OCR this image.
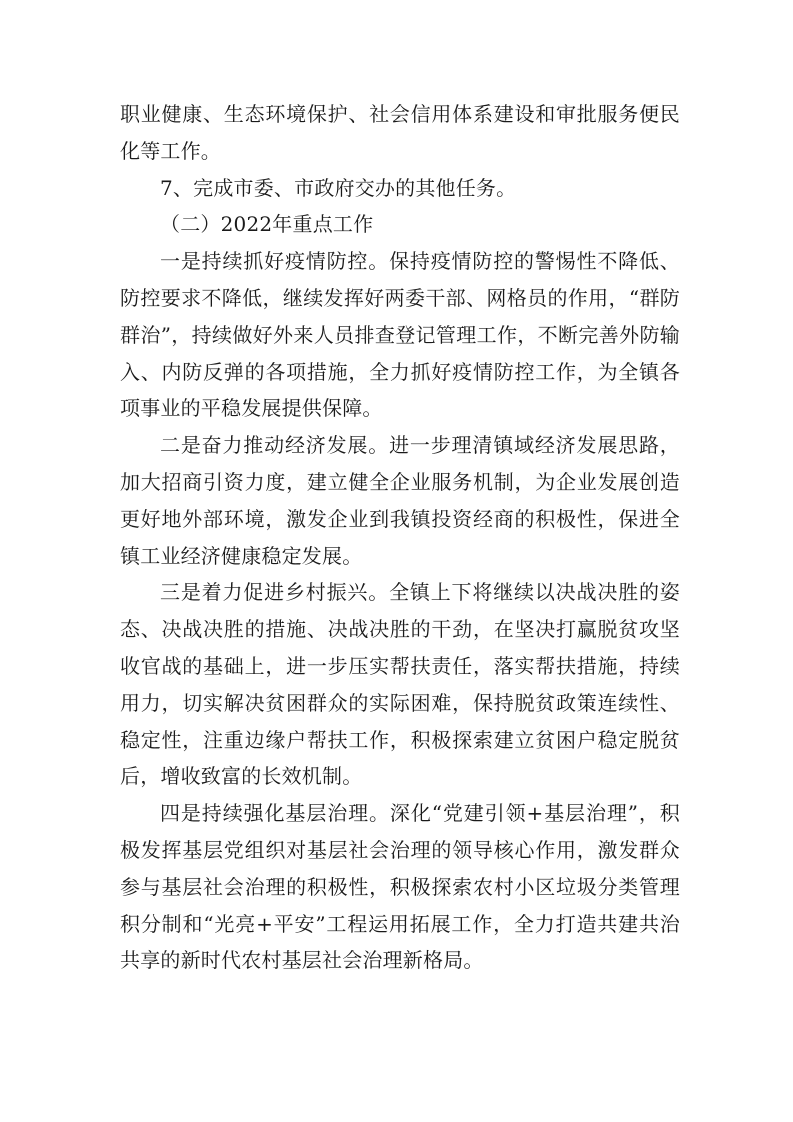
职业健康、生态环境保护、社会信用体系建设和审批服务便民化等工作。

7、完成市委、市政府交办的其他任务。

（二）2022年重点工作

一是持续抓好疫情防控。保持疫情防控的警惕性不降低、防控要求不降低，继续发挥好两委干部、网格员的作用，“群防群治”，持续做好外来人员排查登记管理工作，不断完善外防输入、内防反弹的各项措施，全力抓好疫情防控工作，为全镇各项事业的平稳发展提供保障。

二是奋力推动经济发展。进一步理清镇域经济发展思路，加大招商引资力度，建立健全企业服务机制，为企业发展创造更好地外部环境，激发企业到我镇投资经商的积极性，保进全镇工业经济健康稳定发展。

三是着力促进乡村振兴。全镇上下将继续以决战决胜的姿态、决战决胜的措施、决战决胜的干劲，在坚决打赢脱贫攻坚收官战的基础上，进一步压实帮扶责任，落实帮扶措施，持续用力，切实解决贫困群众的实际困难，保持脱贫政策连续性、稳定性，注重边缘户帮扶工作，积极探索建立贫困户稳定脱贫后，增收致富的长效机制。

四是持续强化基层治理。深化“党建引领+基层治理”，积极发挥基层党组织对基层社会治理的领导核心作用，激发群众参与基层社会治理的积极性，积极探索农村小区垃圾分类管理积分制和“光亮+平安”工程运用拓展工作，全力打造共建共治共享的新时代农村基层社会治理新格局。
